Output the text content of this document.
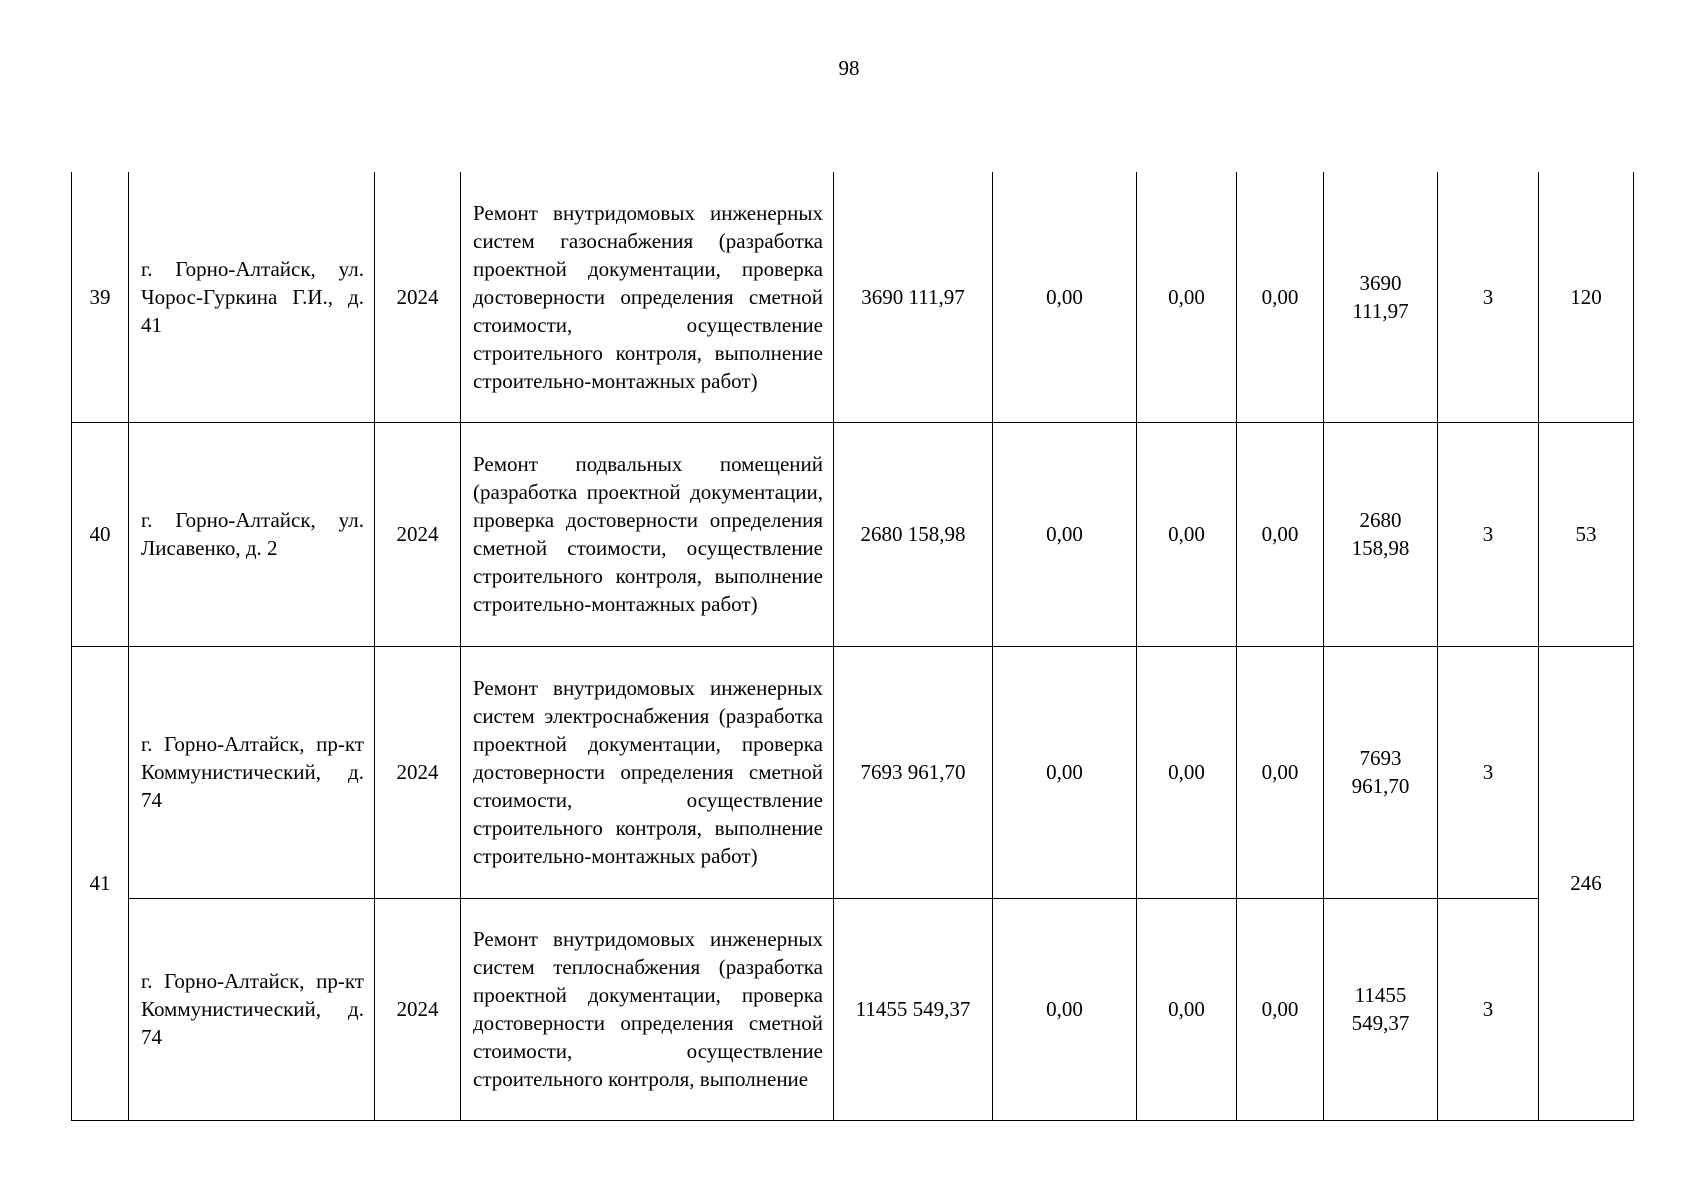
98
39	г. Горно-Алтайск, ул. Чорос-Гуркина Г.И., д. 41	2024	Ремонт внутридомовых инженерных систем газоснабжения (разработка проектной документации, проверка достоверности определения сметной стоимости, осуществление строительного контроля, выполнение строительно-монтажных работ)	3690 111,97	0,00	0,00	0,00	3690 111,97	3	120
40	г. Горно-Алтайск, ул. Лисавенко, д. 2	2024	Ремонт подвальных помещений (разработка проектной документации, проверка достоверности определения сметной стоимости, осуществление строительного контроля, выполнение строительно-монтажных работ)	2680 158,98	0,00	0,00	0,00	2680 158,98	3	53
41	г. Горно-Алтайск, пр-кт Коммунистический, д. 74	2024	Ремонт внутридомовых инженерных систем электроснабжения (разработка проектной документации, проверка достоверности определения сметной стоимости, осуществление строительного контроля, выполнение строительно-монтажных работ)	7693 961,70	0,00	0,00	0,00	7693 961,70	3	246
	г. Горно-Алтайск, пр-кт Коммунистический, д. 74	2024	Ремонт внутридомовых инженерных систем теплоснабжения (разработка проектной документации, проверка достоверности определения сметной стоимости, осуществление строительного контроля, выполнение	11455 549,37	0,00	0,00	0,00	11455 549,37	3	
